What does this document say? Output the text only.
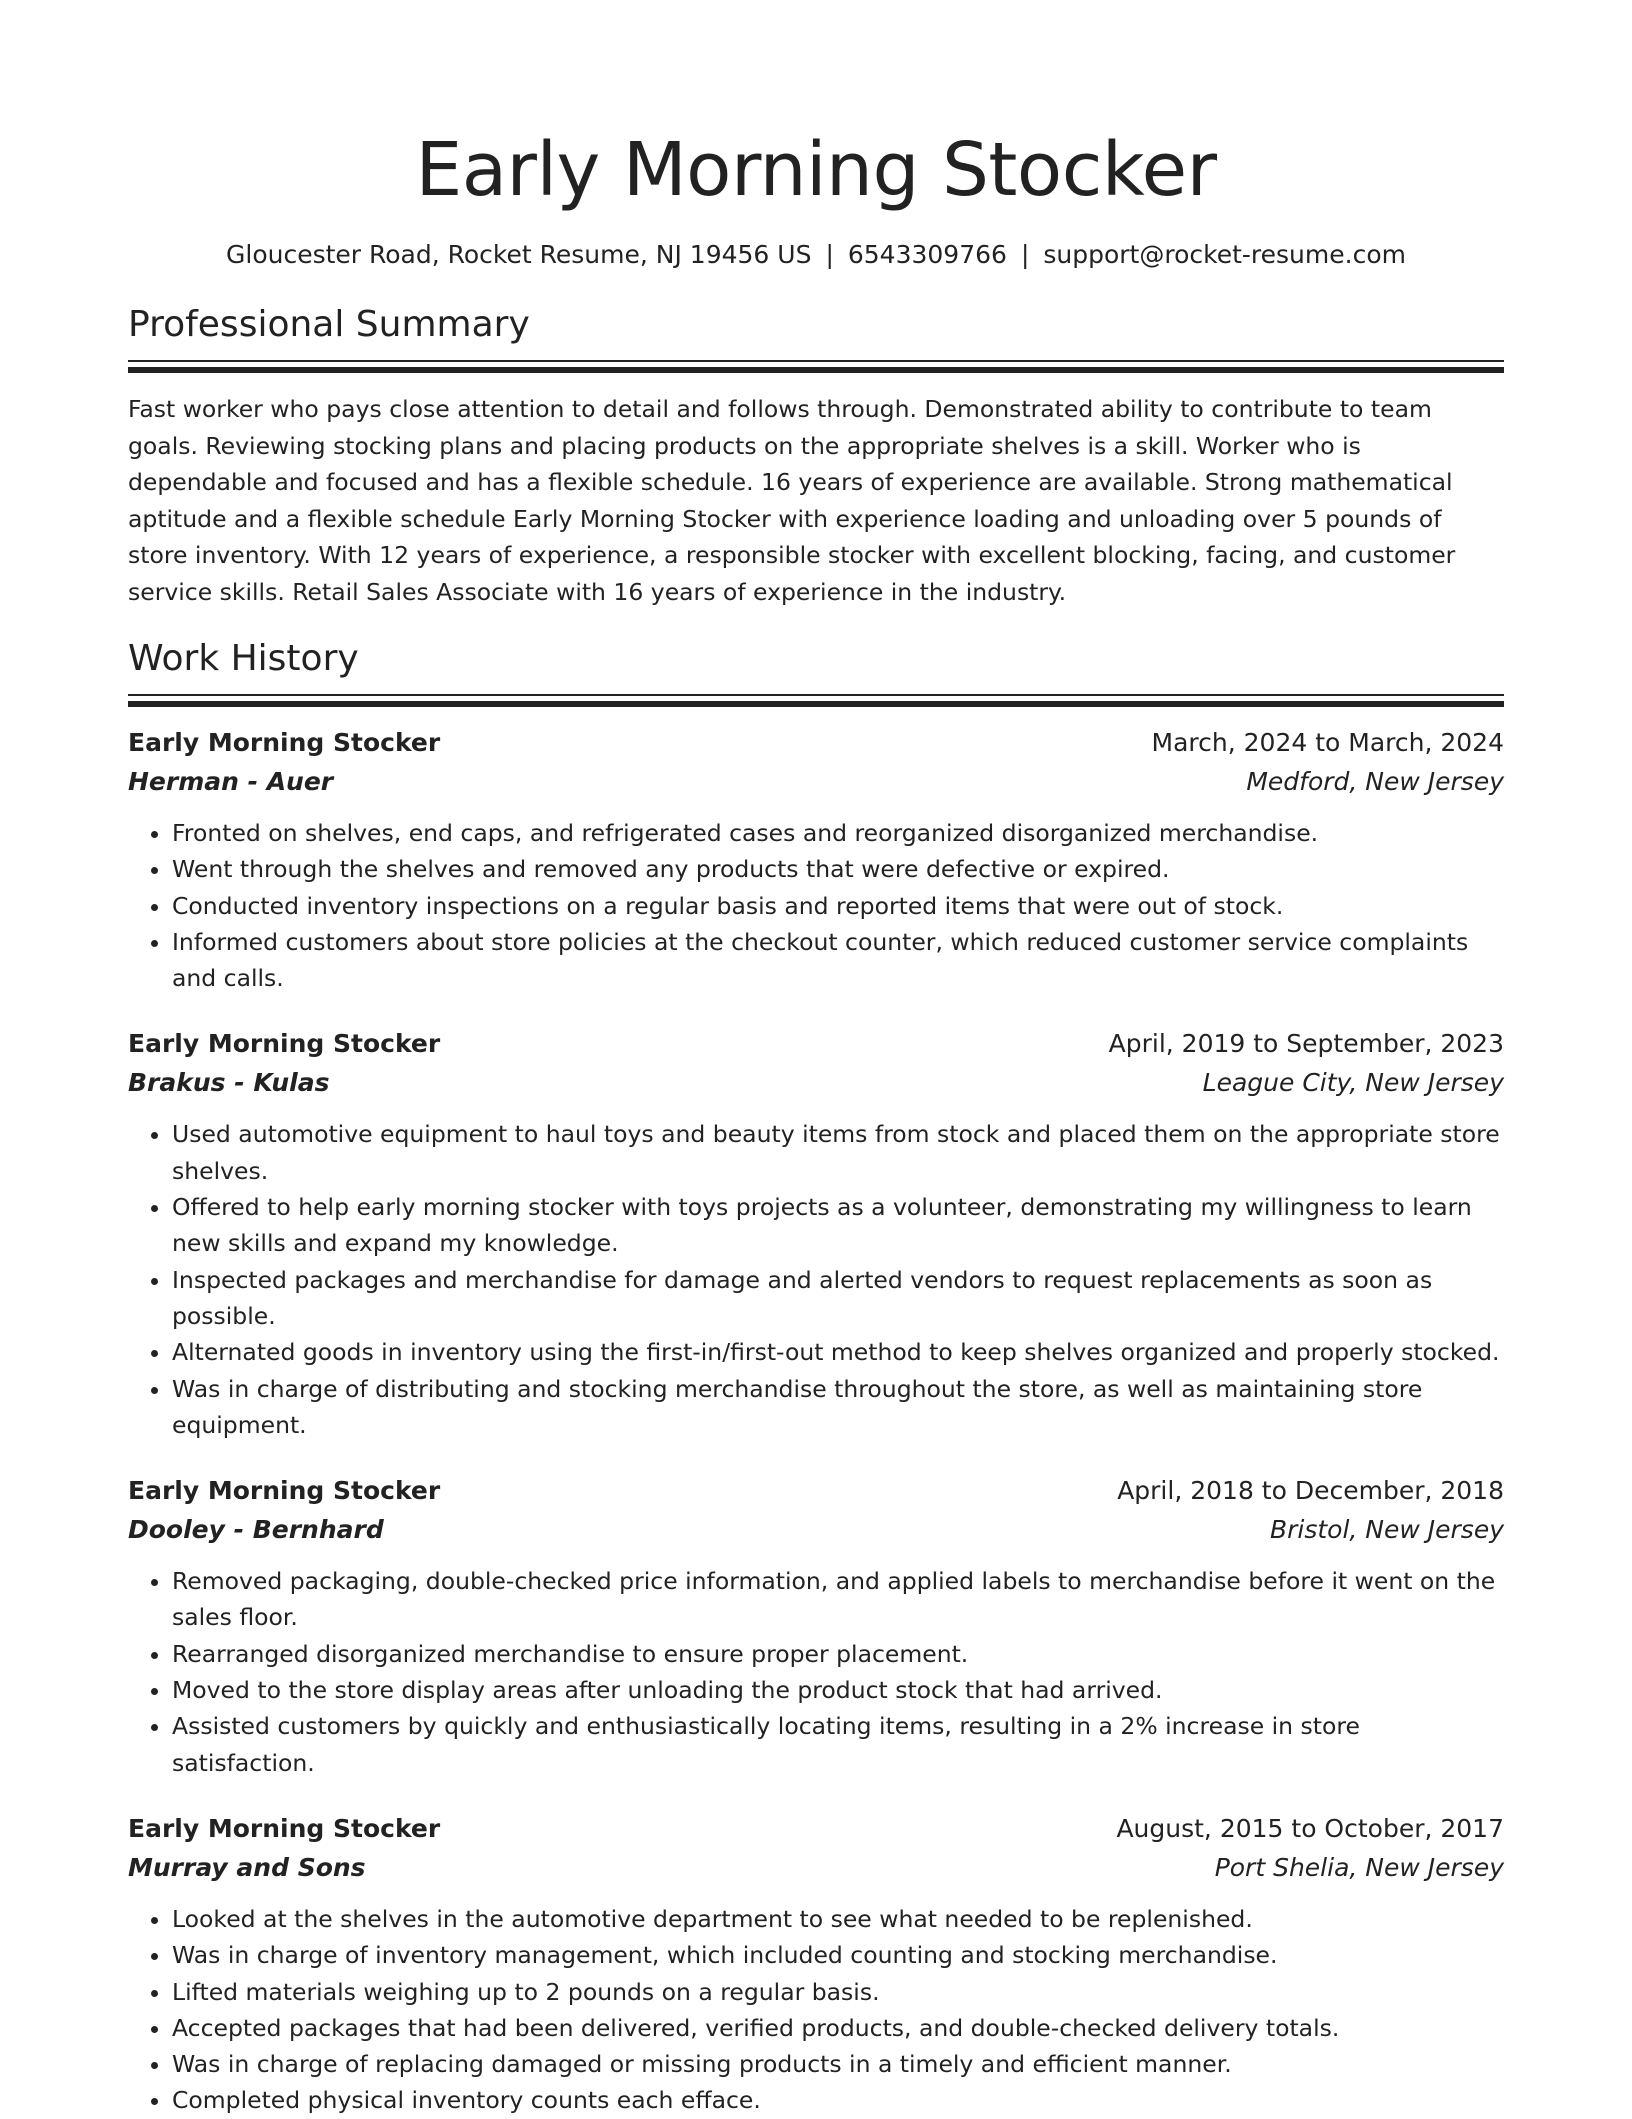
Early Morning Stocker
Gloucester Road, Rocket Resume, NJ 19456 US | 6543309766 | support@rocket-resume.com
Professional Summary

Fast worker who pays close attention to detail and follows through. Demonstrated ability to contribute to team goals. Reviewing stocking plans and placing products on the appropriate shelves is a skill. Worker who is dependable and focused and has a flexible schedule. 16 years of experience are available. Strong mathematical aptitude and a flexible schedule Early Morning Stocker with experience loading and unloading over 5 pounds of store inventory. With 12 years of experience, a responsible stocker with excellent blocking, facing, and customer service skills. Retail Sales Associate with 16 years of experience in the industry.

Work History
Early Morning Stocker	March, 2024 to March, 2024
Herman - Auer	Medford, New Jersey
• Fronted on shelves, end caps, and refrigerated cases and reorganized disorganized merchandise.
• Went through the shelves and removed any products that were defective or expired.
• Conducted inventory inspections on a regular basis and reported items that were out of stock.
• Informed customers about store policies at the checkout counter, which reduced customer service complaints and calls.
Early Morning Stocker	April, 2019 to September, 2023
Brakus - Kulas	League City, New Jersey
• Used automotive equipment to haul toys and beauty items from stock and placed them on the appropriate store shelves.
• Offered to help early morning stocker with toys projects as a volunteer, demonstrating my willingness to learn new skills and expand my knowledge.
• Inspected packages and merchandise for damage and alerted vendors to request replacements as soon as possible.
• Alternated goods in inventory using the first-in/first-out method to keep shelves organized and properly stocked.
• Was in charge of distributing and stocking merchandise throughout the store, as well as maintaining store equipment.
Early Morning Stocker	April, 2018 to December, 2018
Dooley - Bernhard	Bristol, New Jersey
• Removed packaging, double-checked price information, and applied labels to merchandise before it went on the sales floor.
• Rearranged disorganized merchandise to ensure proper placement.
• Moved to the store display areas after unloading the product stock that had arrived.
• Assisted customers by quickly and enthusiastically locating items, resulting in a 2% increase in store satisfaction.
Early Morning Stocker	August, 2015 to October, 2017
Murray and Sons	Port Shelia, New Jersey
• Looked at the shelves in the automotive department to see what needed to be replenished.
• Was in charge of inventory management, which included counting and stocking merchandise.
• Lifted materials weighing up to 2 pounds on a regular basis.
• Accepted packages that had been delivered, verified products, and double-checked delivery totals.
• Was in charge of replacing damaged or missing products in a timely and efficient manner.
• Completed physical inventory counts each efface.
